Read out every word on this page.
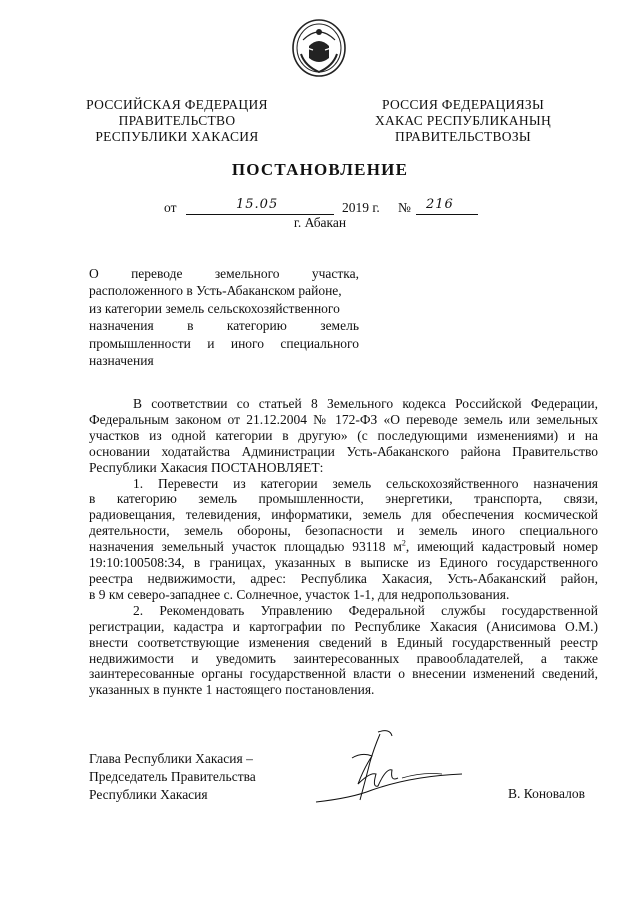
РОССИЙСКАЯ ФЕДЕРАЦИЯ
ПРАВИТЕЛЬСТВО
РЕСПУБЛИКИ ХАКАСИЯ
РОССИЯ ФЕДЕРАЦИЯЗЫ
ХАКАС РЕСПУБЛИКАНЫҢ
ПРАВИТЕЛЬСТВОЗЫ
ПОСТАНОВЛЕНИЕ
от	15.05	2019 г. № 216
г. Абакан
О переводе земельного участка,
расположенного в Усть-Абаканском районе,
из категории земель сельскохозяйственного
назначения в категорию земель
промышленности и иного специального
назначения
В соответствии со статьей 8 Земельного кодекса Российской Федерации,
Федеральным законом от 21.12.2004 № 172-ФЗ «О переводе земель или земельных
участков из одной категории в другую» (с последующими изменениями) и на
основании ходатайства Администрации Усть-Абаканского района Правительство
Республики Хакасия ПОСТАНОВЛЯЕТ:
1. Перевести из категории земель сельскохозяйственного назначения
в категорию земель промышленности, энергетики, транспорта, связи,
радиовещания, телевидения, информатики, земель для обеспечения космической
деятельности, земель обороны, безопасности и земель иного специального
назначения земельный участок площадью 93118 $м^2$, имеющий кадастровый номер
19:10:100508:34, в границах, указанных в выписке из Единого государственного
реестра недвижимости, адрес: Республика Хакасия, Усть-Абаканский район,
в 9 км северо-западнее с. Солнечное, участок 1-1, для недропользования.
2. Рекомендовать Управлению Федеральной службы государственной
регистрации, кадастра и картографии по Республике Хакасия (Анисимова О.М.)
внести соответствующие изменения сведений в Единый государственный реестр
недвижимости и уведомить заинтересованных правообладателей, а также
заинтересованные органы государственной власти о внесении изменений сведений,
указанных в пункте 1 настоящего постановления.
Глава Республики Хакасия –
Председатель Правительства
Республики Хакасия	В. Коновалов
